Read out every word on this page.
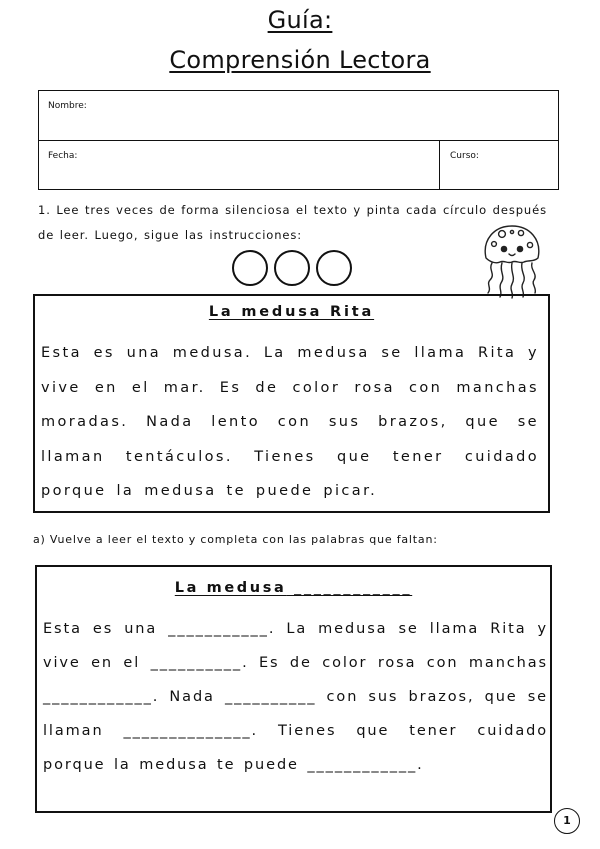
Guía:
Comprensión Lectora
Nombre:
Fecha:	Curso:

1. Lee tres veces de forma silenciosa el texto y pinta cada círculo después de leer. Luego, sigue las instrucciones:

La medusa Rita

Esta es una medusa. La medusa se llama Rita y vive en el mar. Es de color rosa con manchas moradas. Nada lento con sus brazos, que se llaman tentáculos. Tienes que tener cuidado porque la medusa te puede picar.

a) Vuelve a leer el texto y completa con las palabras que faltan:

La medusa ____________

Esta es una ___________. La medusa se llama Rita y vive en el __________. Es de color rosa con manchas ____________. Nada __________ con sus brazos, que se llaman ______________. Tienes que tener cuidado porque la medusa te puede ____________.

1
